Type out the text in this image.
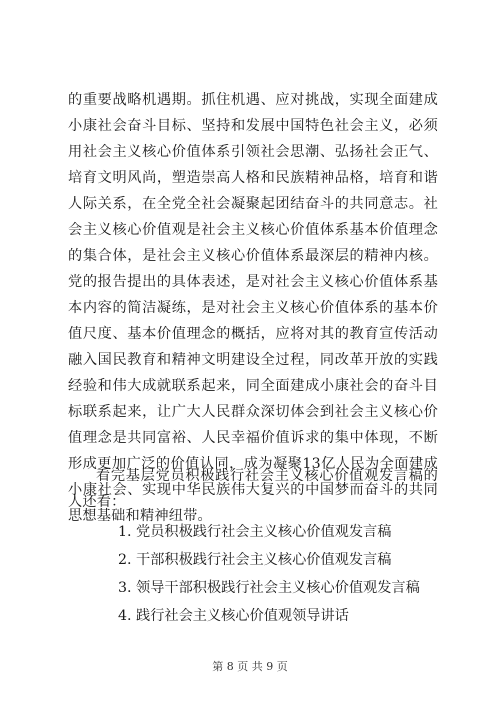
的重要战略机遇期。抓住机遇、应对挑战，实现全面建成小康社会奋斗目标、坚持和发展中国特色社会主义，必须用社会主义核心价值体系引领社会思潮、弘扬社会正气、培育文明风尚，塑造崇高人格和民族精神品格，培育和谐人际关系，在全党全社会凝聚起团结奋斗的共同意志。社会主义核心价值观是社会主义核心价值体系基本价值理念的集合体，是社会主义核心价值体系最深层的精神内核。党的报告提出的具体表述，是对社会主义核心价值体系基本内容的简洁凝练，是对社会主义核心价值体系的基本价值尺度、基本价值理念的概括，应将对其的教育宣传活动融入国民教育和精神文明建设全过程，同改革开放的实践经验和伟大成就联系起来，同全面建成小康社会的奋斗目标联系起来，让广大人民群众深切体会到社会主义核心价值理念是共同富裕、人民幸福价值诉求的集中体现，不断形成更加广泛的价值认同，成为凝聚13亿人民为全面建成小康社会、实现中华民族伟大复兴的中国梦而奋斗的共同思想基础和精神纽带。

看完基层党员积极践行社会主义核心价值观发言稿的人还看：

1. 党员积极践行社会主义核心价值观发言稿
2. 干部积极践行社会主义核心价值观发言稿
3. 领导干部积极践行社会主义核心价值观发言稿
4. 践行社会主义核心价值观领导讲话

第 8 页 共 9 页
